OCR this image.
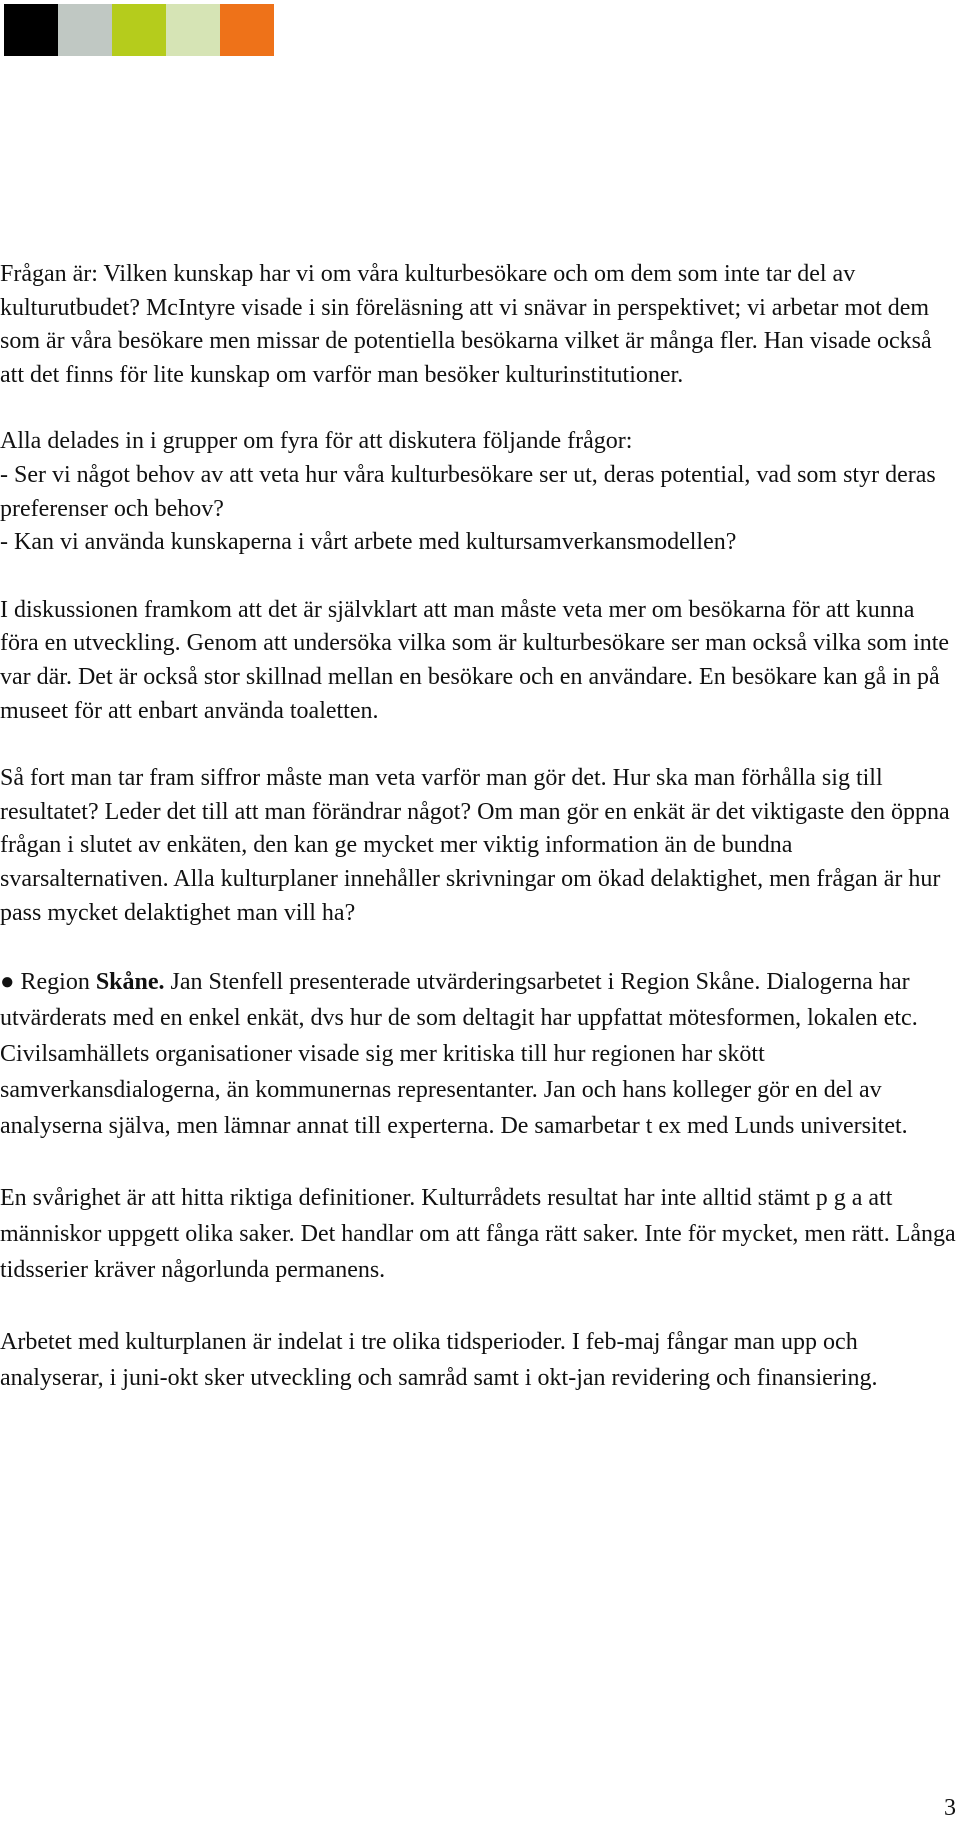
Frågan är: Vilken kunskap har vi om våra kulturbesökare och om dem som inte tar del av kulturutbudet? McIntyre visade i sin föreläsning att vi snävar in perspektivet; vi arbetar mot dem som är våra besökare men missar de potentiella besökarna vilket är många fler. Han visade också att det finns för lite kunskap om varför man besöker kulturinstitutioner.

Alla delades in i grupper om fyra för att diskutera följande frågor:
- Ser vi något behov av att veta hur våra kulturbesökare ser ut, deras potential, vad som styr deras preferenser och behov?
- Kan vi använda kunskaperna i vårt arbete med kultursamverkansmodellen?

I diskussionen framkom att det är självklart att man måste veta mer om besökarna för att kunna föra en utveckling. Genom att undersöka vilka som är kulturbesökare ser man också vilka som inte var där. Det är också stor skillnad mellan en besökare och en användare. En besökare kan gå in på museet för att enbart använda toaletten.

Så fort man tar fram siffror måste man veta varför man gör det. Hur ska man förhålla sig till resultatet? Leder det till att man förändrar något? Om man gör en enkät är det viktigaste den öppna frågan i slutet av enkäten, den kan ge mycket mer viktig information än de bundna svarsalternativen. Alla kulturplaner innehåller skrivningar om ökad delaktighet, men frågan är hur pass mycket delaktighet man vill ha?

● Region Skåne. Jan Stenfell presenterade utvärderingsarbetet i Region Skåne. Dialogerna har utvärderats med en enkel enkät, dvs hur de som deltagit har uppfattat mötesformen, lokalen etc. Civilsamhällets organisationer visade sig mer kritiska till hur regionen har skött samverkansdialogerna, än kommunernas representanter. Jan och hans kolleger gör en del av analyserna själva, men lämnar annat till experterna. De samarbetar t ex med Lunds universitet.

En svårighet är att hitta riktiga definitioner. Kulturrådets resultat har inte alltid stämt p g a att människor uppgett olika saker. Det handlar om att fånga rätt saker. Inte för mycket, men rätt. Långa tidsserier kräver någorlunda permanens.

Arbetet med kulturplanen är indelat i tre olika tidsperioder. I feb-maj fångar man upp och analyserar, i juni-okt sker utveckling och samråd samt i okt-jan revidering och finansiering.

3
